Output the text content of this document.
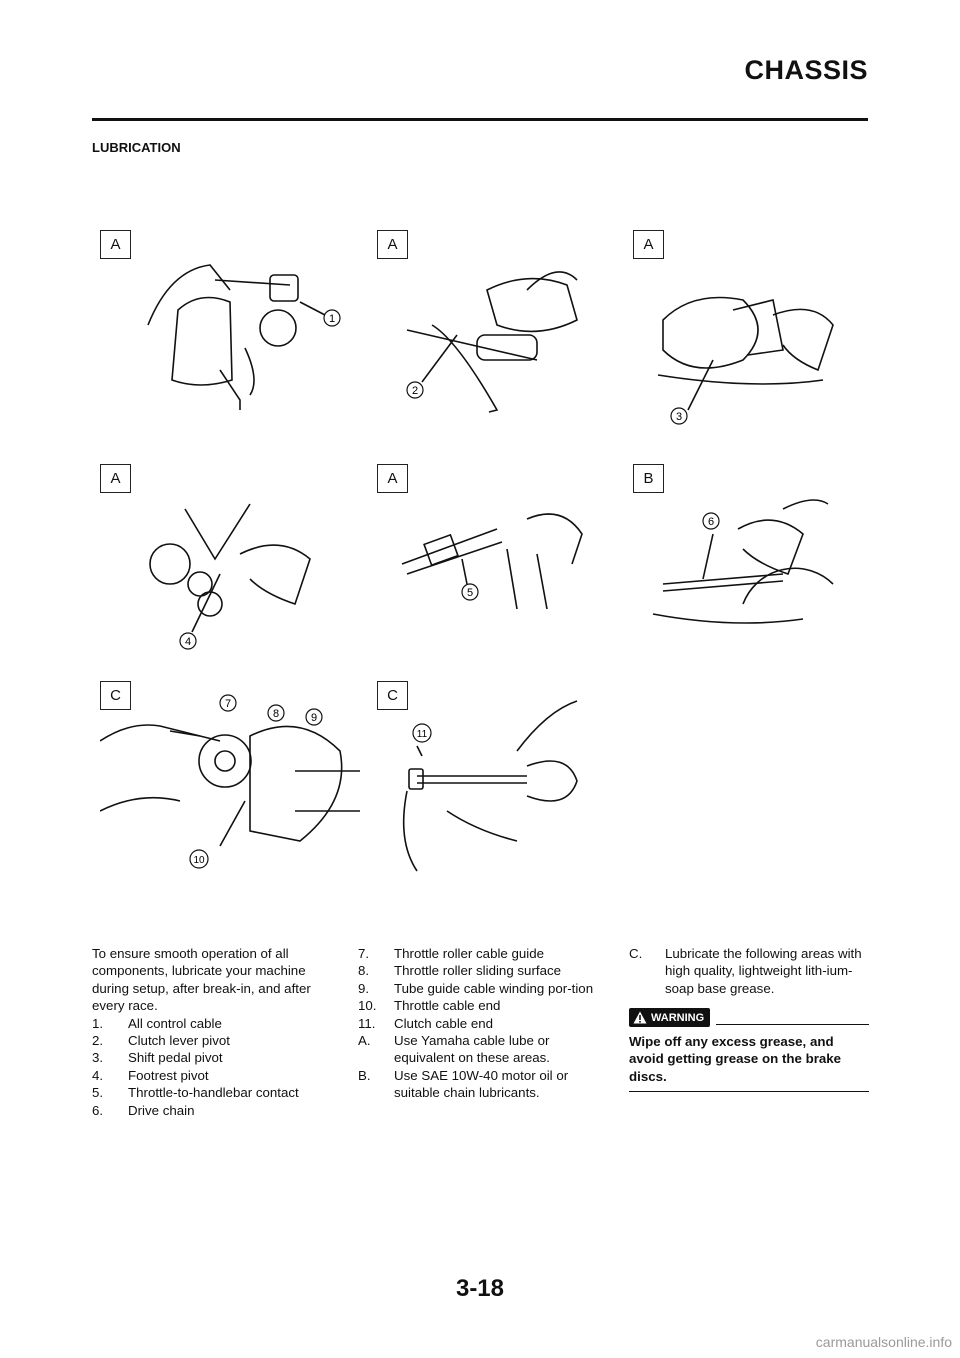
CHASSIS
LUBRICATION
1
A
2
A
3
A
4
A
5
A
6
B
7
8	9
10
C
11
C
To ensure smooth operation of all components, lubricate your machine during setup, after break-in, and after every race.
1.	All control cable
2.	Clutch lever pivot
3.	Shift pedal pivot
4.	Footrest pivot
5.	Throttle-to-handlebar contact
6.	Drive chain
7.	Throttle roller cable guide
8.	Throttle roller sliding surface
9.	Tube guide cable winding por-tion
10.	Throttle cable end
11.	Clutch cable end
A.	Use Yamaha cable lube or equivalent on these areas.
B.	Use SAE 10W-40 motor oil or suitable chain lubricants.
C.	Lubricate the following areas with high quality, lightweight lith-ium-soap base grease.
WARNING
Wipe off any excess grease, and avoid getting grease on the brake discs.
3-18
carmanualsonline.info
